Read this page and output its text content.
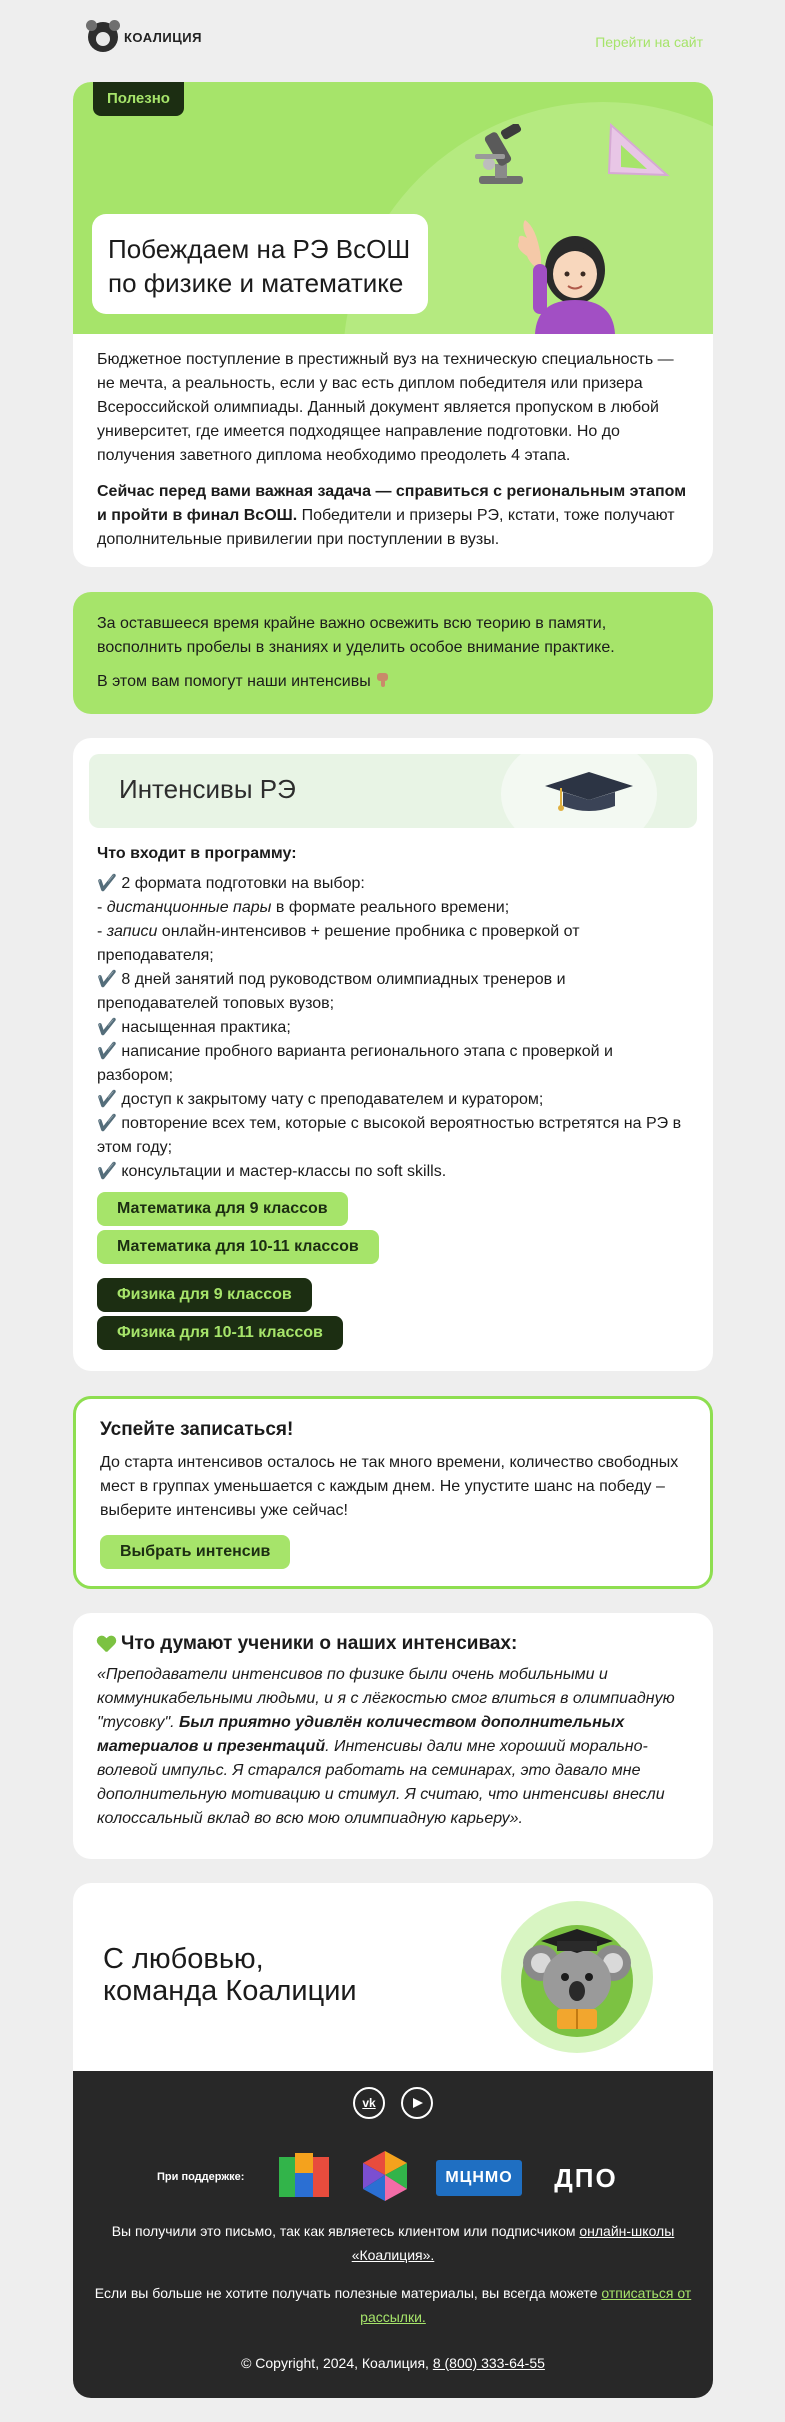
КОАЛИЦИЯ	Перейти на сайт
Полезно
Побеждаем на РЭ ВсОШ
по физике и математике

Бюджетное поступление в престижный вуз на техническую специальность — не мечта, а реальность, если у вас есть диплом победителя или призера Всероссийской олимпиады. Данный документ является пропуском в любой университет, где имеется подходящее направление подготовки. Но до получения заветного диплома необходимо преодолеть 4 этапа.

Сейчас перед вами важная задача — справиться с региональным этапом и пройти в финал ВсОШ. Победители и призеры РЭ, кстати, тоже получают дополнительные привилегии при поступлении в вузы.

За оставшееся время крайне важно освежить всю теорию в памяти, восполнить пробелы в знаниях и уделить особое внимание практике.

В этом вам помогут наши интенсивы

Интенсивы РЭ
Что входит в программу:
✔️ 2 формата подготовки на выбор:
- дистанционные пары в формате реального времени;
- записи онлайн-интенсивов + решение пробника с проверкой от преподавателя;
✔️ 8 дней занятий под руководством олимпиадных тренеров и преподавателей топовых вузов;
✔️ насыщенная практика;
✔️ написание пробного варианта регионального этапа с проверкой и разбором;
✔️ доступ к закрытому чату с преподавателем и куратором;
✔️ повторение всех тем, которые с высокой вероятностью встретятся на РЭ в этом году;
✔️ консультации и мастер-классы по soft skills.
Математика для 9 классов
Математика для 10-11 классов
Физика для 9 классов
Физика для 10-11 классов
Успейте записаться!
До старта интенсивов осталось не так много времени, количество свободных мест в группах уменьшается с каждым днем. Не упустите шанс на победу – выберите интенсивы уже сейчас!
Выбрать интенсив
Что думают ученики о наших интенсивах:
«Преподаватели интенсивов по физике были очень мобильными и коммуникабельными людьми, и я с лёгкостью смог влиться в олимпиадную "тусовку". Был приятно удивлён количеством дополнительных материалов и презентаций. Интенсивы дали мне хороший морально-волевой импульс. Я старался работать на семинарах, это давало мне дополнительную мотивацию и стимул. Я считаю, что интенсивы внесли колоссальный вклад во всю мою олимпиадную карьеру».
С любовью,
команда Коалиции
vk
При поддержке:	МЦНМО	ДПО
Вы получили это письмо, так как являетесь клиентом или подписчиком онлайн-школы «Коалиция».
Если вы больше не хотите получать полезные материалы, вы всегда можете отписаться от рассылки.
© Copyright, 2024, Коалиция, 8 (800) 333-64-55
